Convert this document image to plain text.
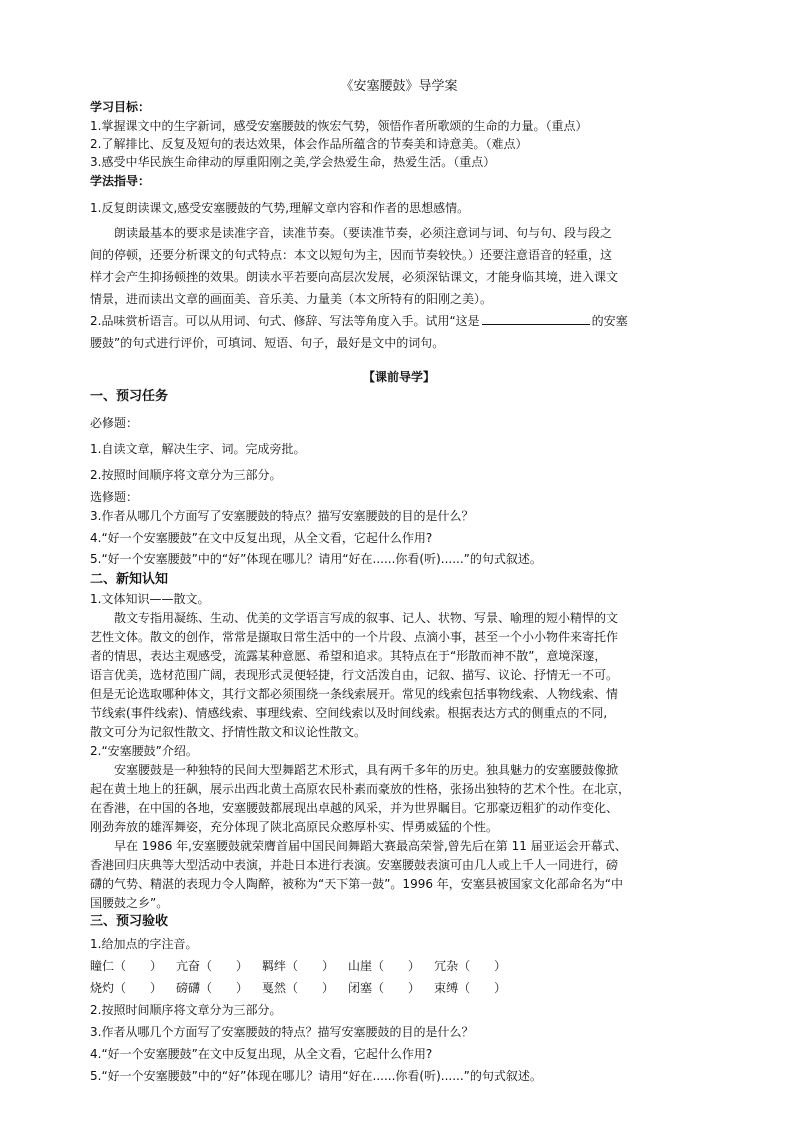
《安塞腰鼓》导学案
学习目标：
1.掌握课文中的生字新词，感受安塞腰鼓的恢宏气势，领悟作者所歌颂的生命的力量。（重点）
2.了解排比、反复及短句的表达效果，体会作品所蕴含的节奏美和诗意美。（难点）
3.感受中华民族生命律动的厚重阳刚之美,学会热爱生命，热爱生活。（重点）
学法指导：
1.反复朗读课文,感受安塞腰鼓的气势,理解文章内容和作者的思想感情。
朗读最基本的要求是读准字音，读准节奏。（要读准节奏，必须注意词与词、句与句、段与段之
间的停顿，还要分析课文的句式特点：本文以短句为主，因而节奏较快。）还要注意语音的轻重，这
样才会产生抑扬顿挫的效果。朗读水平若要向高层次发展，必须深钻课文，才能身临其境，进入课文
情景，进而读出文章的画面美、音乐美、力量美（本文所特有的阳刚之美）。
2.品味赏析语言。可以从用词、句式、修辞、写法等角度入手。试用“这是	的安塞
腰鼓”的句式进行评价，可填词、短语、句子，最好是文中的词句。
【课前导学】
一、预习任务
必修题：
1.自读文章，解决生字、词。完成旁批。
2.按照时间顺序将文章分为三部分。
选修题：
3.作者从哪几个方面写了安塞腰鼓的特点？描写安塞腰鼓的目的是什么？
4.“好一个安塞腰鼓”在文中反复出现，从全文看，它起什么作用?
5.“好一个安塞腰鼓”中的“好”体现在哪儿？请用“好在......你看(听)......”的句式叙述。
二、新知认知
1.文体知识——散文。
散文专指用凝练、生动、优美的文学语言写成的叙事、记人、状物、写景、喻理的短小精悍的文
艺性文体。散文的创作，常常是撷取日常生活中的一个片段、点滴小事，甚至一个小小物件来寄托作
者的情思，表达主观感受，流露某种意愿、希望和追求。其特点在于“形散而神不散”，意境深邃，
语言优美，选材范围广阔，表现形式灵便轻捷，行文活泼自由，记叙、描写、议论、抒情无一不可。
但是无论选取哪种体文，其行文都必须围绕一条线索展开。常见的线索包括事物线索、人物线索、情
节线索(事件线索)、情感线索、事理线索、空间线索以及时间线索。根据表达方式的侧重点的不同,
散文可分为记叙性散文、抒情性散文和议论性散文。
2.“安塞腰鼓”介绍。
安塞腰鼓是一种独特的民间大型舞蹈艺术形式，具有两千多年的历史。独具魅力的安塞腰鼓像掀
起在黄土地上的狂飙，展示出西北黄土高原农民朴素而豪放的性格，张扬出独特的艺术个性。在北京，
在香港，在中国的各地，安塞腰鼓都展现出卓越的风采，并为世界瞩目。它那豪迈粗犷的动作变化、
刚劲奔放的雄浑舞姿，充分体现了陕北高原民众憨厚朴实、悍勇威猛的个性。
早在 1986 年,安塞腰鼓就荣膺首届中国民间舞蹈大赛最高荣誉,曾先后在第 11 届亚运会开幕式、
香港回归庆典等大型活动中表演，并赴日本进行表演。安塞腰鼓表演可由几人或上千人一同进行，磅
礴的气势、精湛的表现力令人陶醉，被称为“天下第一鼓”。1996 年，安塞县被国家文化部命名为“中
国腰鼓之乡”。
三、预习验收
1.给加点的字注音。
瞳仁（　　） 亢奋（　　） 羁绊（　　） 山崖（　　） 冗杂（　　）
烧灼（　　） 磅礴（　　） 戛然（　　） 闭塞（　　） 束缚（　　）
2.按照时间顺序将文章分为三部分。
3.作者从哪几个方面写了安塞腰鼓的特点？描写安塞腰鼓的目的是什么？
4.“好一个安塞腰鼓”在文中反复出现，从全文看，它起什么作用?
5.“好一个安塞腰鼓”中的“好”体现在哪儿？请用“好在......你看(听)......”的句式叙述。
